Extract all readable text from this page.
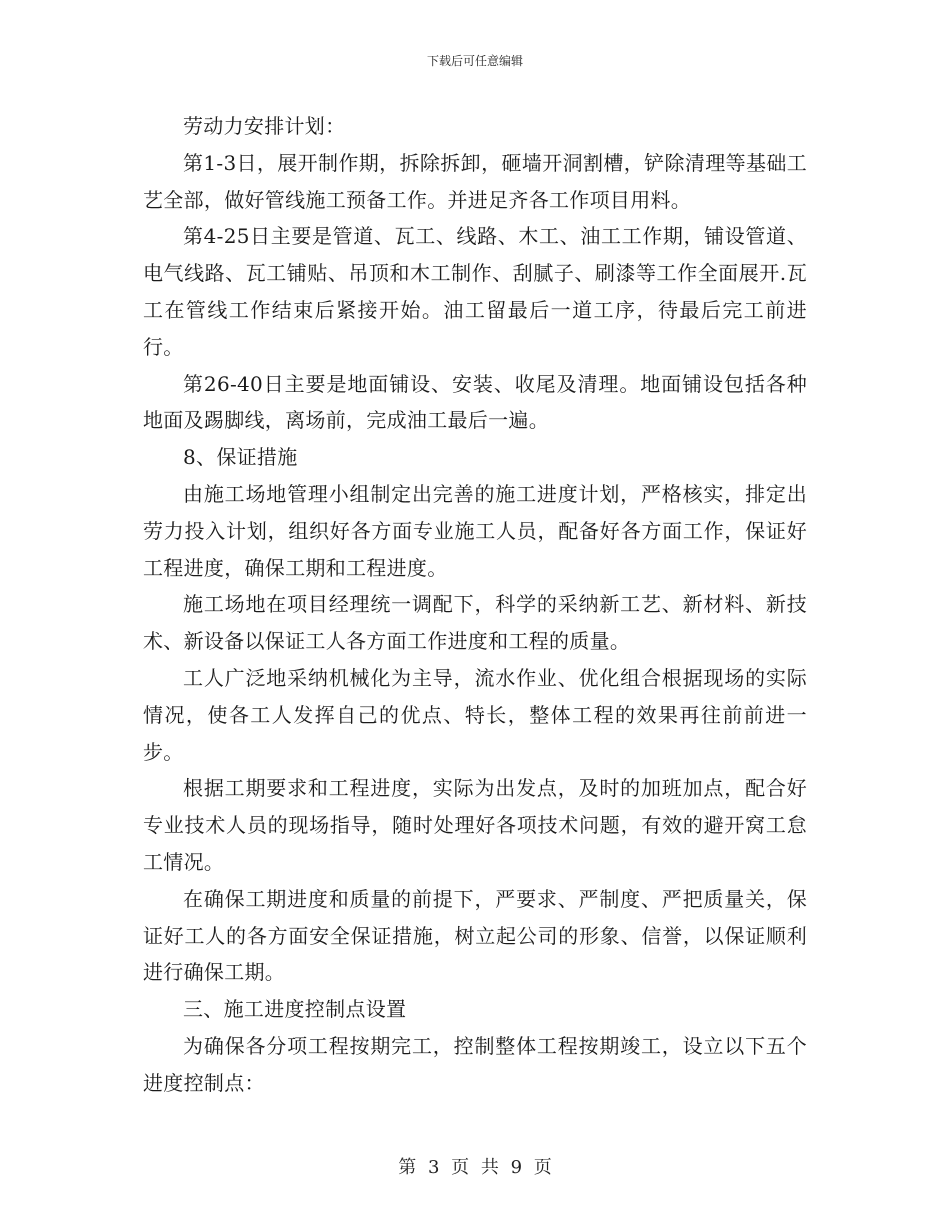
下载后可任意编辑

劳动力安排计划：

第1-3日，展开制作期，拆除拆卸，砸墙开洞割槽，铲除清理等基础工艺全部，做好管线施工预备工作。并进足齐各工作项目用料。

第4-25日主要是管道、瓦工、线路、木工、油工工作期，铺设管道、电气线路、瓦工铺贴、吊顶和木工制作、刮腻子、刷漆等工作全面展开.瓦工在管线工作结束后紧接开始。油工留最后一道工序，待最后完工前进行。

第26-40日主要是地面铺设、安装、收尾及清理。地面铺设包括各种地面及踢脚线，离场前，完成油工最后一遍。

8、保证措施

由施工场地管理小组制定出完善的施工进度计划，严格核实，排定出劳力投入计划，组织好各方面专业施工人员，配备好各方面工作，保证好工程进度，确保工期和工程进度。

施工场地在项目经理统一调配下，科学的采纳新工艺、新材料、新技术、新设备以保证工人各方面工作进度和工程的质量。

工人广泛地采纳机械化为主导，流水作业、优化组合根据现场的实际情况，使各工人发挥自己的优点、特长，整体工程的效果再往前前进一步。

根据工期要求和工程进度，实际为出发点，及时的加班加点，配合好专业技术人员的现场指导，随时处理好各项技术问题，有效的避开窝工怠工情况。

在确保工期进度和质量的前提下，严要求、严制度、严把质量关，保证好工人的各方面安全保证措施，树立起公司的形象、信誉，以保证顺利进行确保工期。

三、施工进度控制点设置

为确保各分项工程按期完工，控制整体工程按期竣工，设立以下五个进度控制点：

第 3 页 共 9 页
